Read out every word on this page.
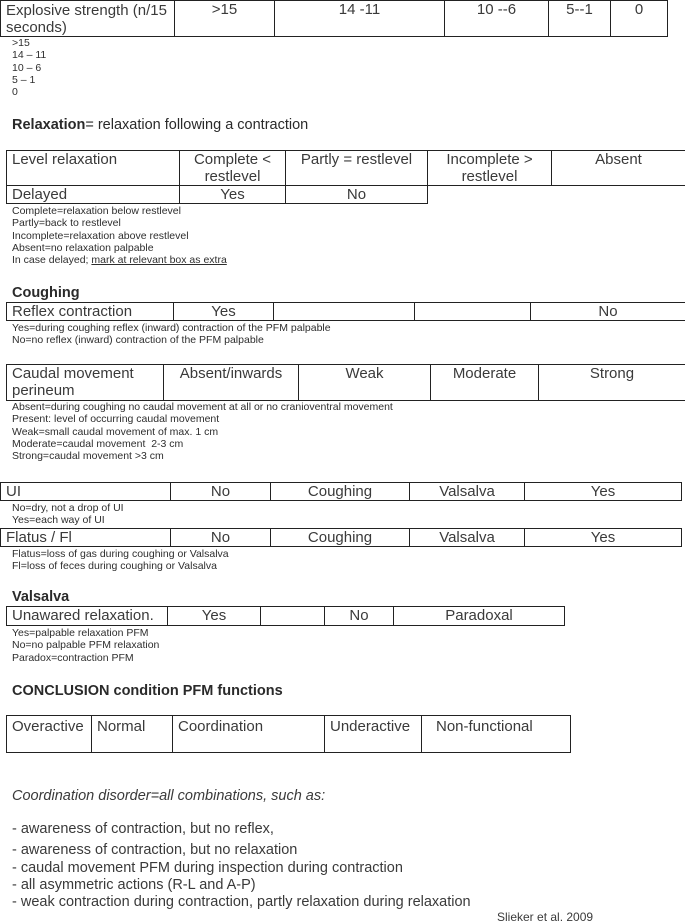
Explosive strength (n/15 seconds)	>15	14 -11	10 --6	5--1	0
>15
14 – 11
10 – 6
5 – 1
0
Relaxation= relaxation following a contraction
Level relaxation	Complete < restlevel	Partly = restlevel	Incomplete > restlevel	Absent
Delayed	Yes	No		
Complete=relaxation below restlevel
Partly=back to restlevel
Incomplete=relaxation above restlevel
Absent=no relaxation palpable
In case delayed; mark at relevant box as extra
Coughing
Reflex contraction	Yes			No
Yes=during coughing reflex (inward) contraction of the PFM palpable
No=no reflex (inward) contraction of the PFM palpable
Caudal movement perineum	Absent/inwards	Weak	Moderate	Strong
Absent=during coughing no caudal movement at all or no cranioventral movement
Present: level of occurring caudal movement
Weak=small caudal movement of max. 1 cm
Moderate=caudal movement  2-3 cm
Strong=caudal movement >3 cm
UI	No	Coughing	Valsalva	Yes
No=dry, not a drop of UI
Yes=each way of UI
Flatus / Fl	No	Coughing	Valsalva	Yes
Flatus=loss of gas during coughing or Valsalva
Fl=loss of feces during coughing or Valsalva
Valsalva
Unawared relaxation.	Yes		No	Paradoxal
Yes=palpable relaxation PFM
No=no palpable PFM relaxation
Paradox=contraction PFM
CONCLUSION condition PFM functions
Overactive	Normal	Coordination	Underactive	Non-functional
Coordination disorder=all combinations, such as:
- awareness of contraction, but no reflex,
- awareness of contraction, but no relaxation
- caudal movement PFM during inspection during contraction
- all asymmetric actions (R-L and A-P)
- weak contraction during contraction, partly relaxation during relaxation
Slieker et al. 2009
